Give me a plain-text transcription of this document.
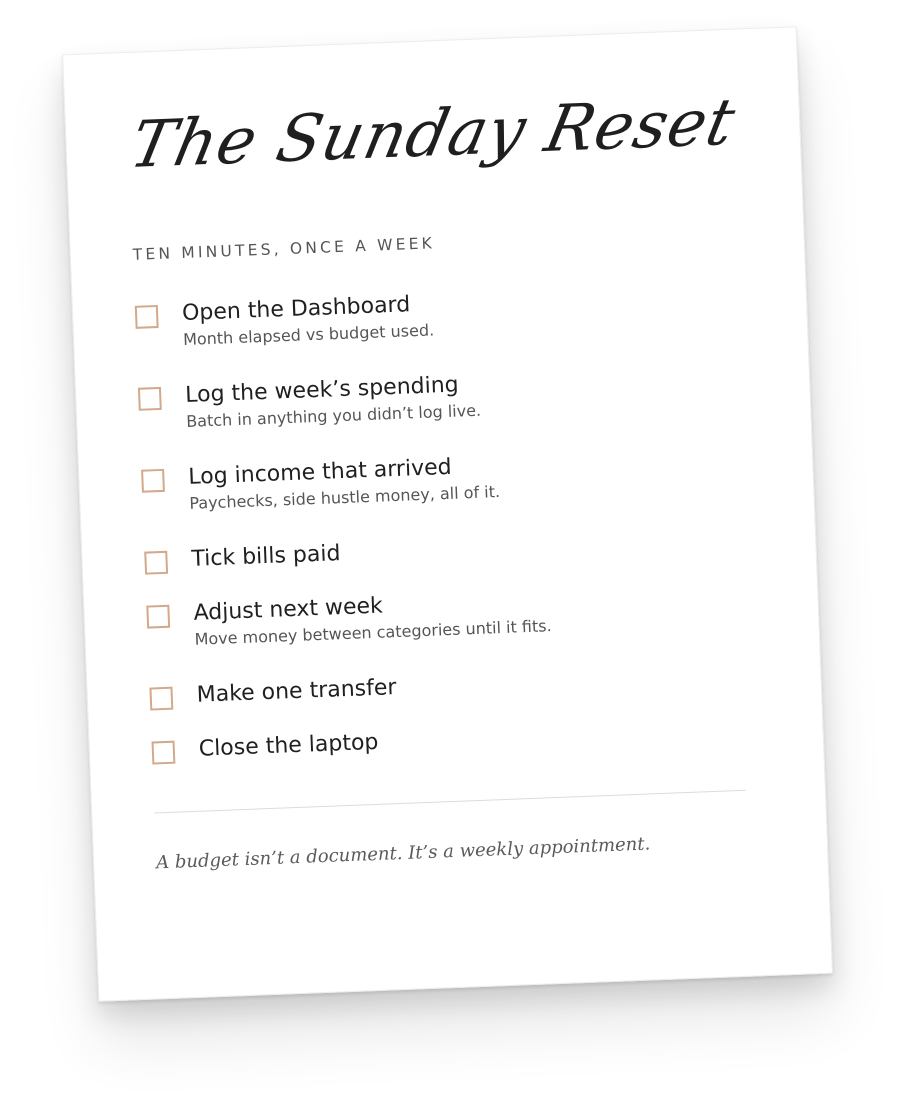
The Sunday Reset

TEN MINUTES, ONCE A WEEK

Open the Dashboard
Month elapsed vs budget used.
Log the week’s spending
Batch in anything you didn’t log live.
Log income that arrived
Paychecks, side hustle money, all of it.
Tick bills paid
Adjust next week
Move money between categories until it fits.
Make one transfer
Close the laptop

A budget isn’t a document. It’s a weekly appointment.
